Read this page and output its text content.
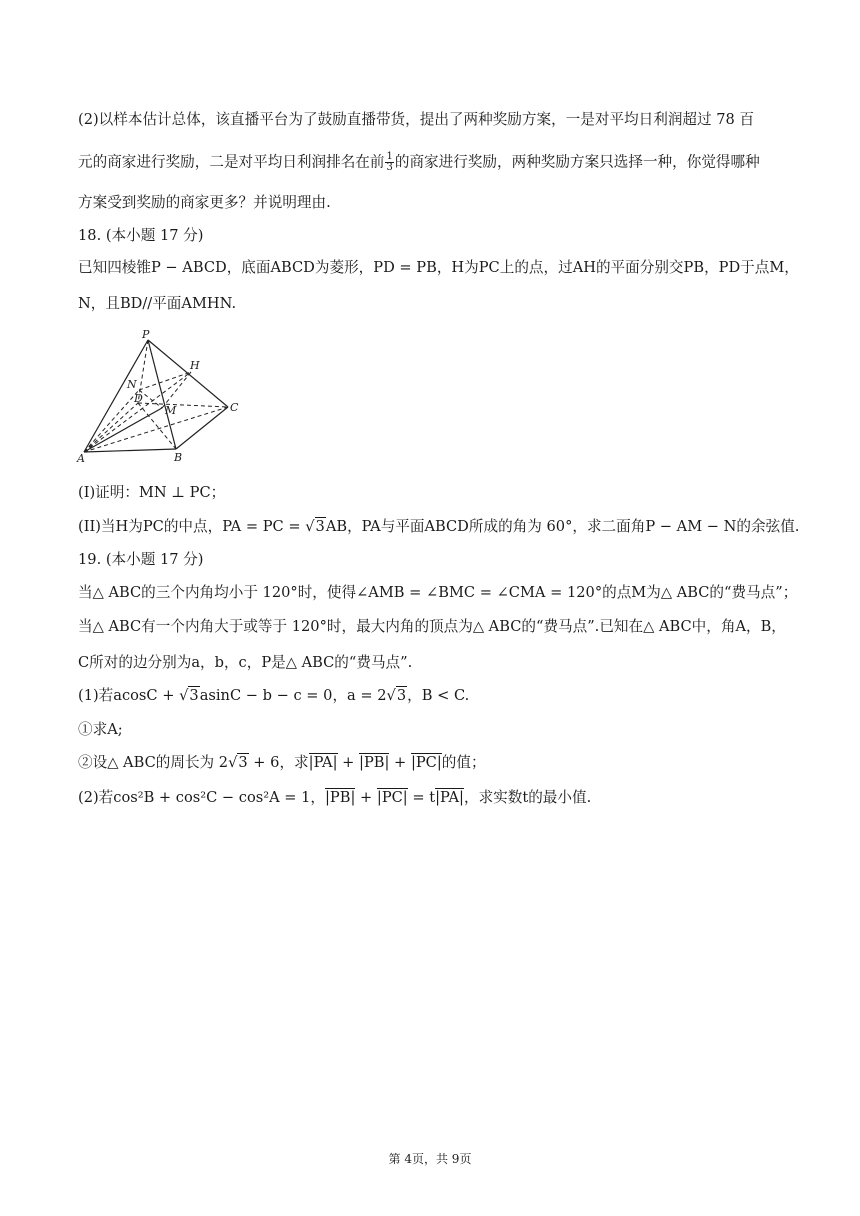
(2)以样本估计总体，该直播平台为了鼓励直播带货，提出了两种奖励方案，一是对平均日利润超过 78 百
元的商家进行奖励，二是对平均日利润排名在前 $\frac{1}{3}$ 的商家进行奖励，两种奖励方案只选择一种，你觉得哪种
方案受到奖励的商家更多？并说明理由.
18. (本小题 17 分)
已知四棱锥P − ABCD，底面ABCD为菱形，PD = PB，H为PC上的点，过AH的平面分别交PB，PD于点M，
N，且BD//平面AMHN.
P
H
N
D
M	C
A	B
(I)证明：MN ⊥ PC；
(II)当H为PC的中点，PA = PC = √3AB，PA与平面ABCD所成的角为 60°，求二面角P − AM − N的余弦值.
19. (本小题 17 分)
当△ ABC的三个内角均小于 120°时，使得∠AMB = ∠BMC = ∠CMA = 120°的点M为△ ABC的“费马点”；
当△ ABC有一个内角大于或等于 120°时，最大内角的顶点为△ ABC的“费马点”.已知在△ ABC中，角A，B，
C所对的边分别为a，b，c，P是△ ABC的“费马点”.
(1)若acosC + √3asinC − b − c = 0，a = 2√3，B < C.
①求A;
②设△ ABC的周长为 2√3 + 6，求|PA| + |PB| + |PC|的值；
(2)若cos²B + cos²C − cos²A = 1，|PB| + |PC| = t|PA|，求实数t的最小值.
第 4页，共 9页
